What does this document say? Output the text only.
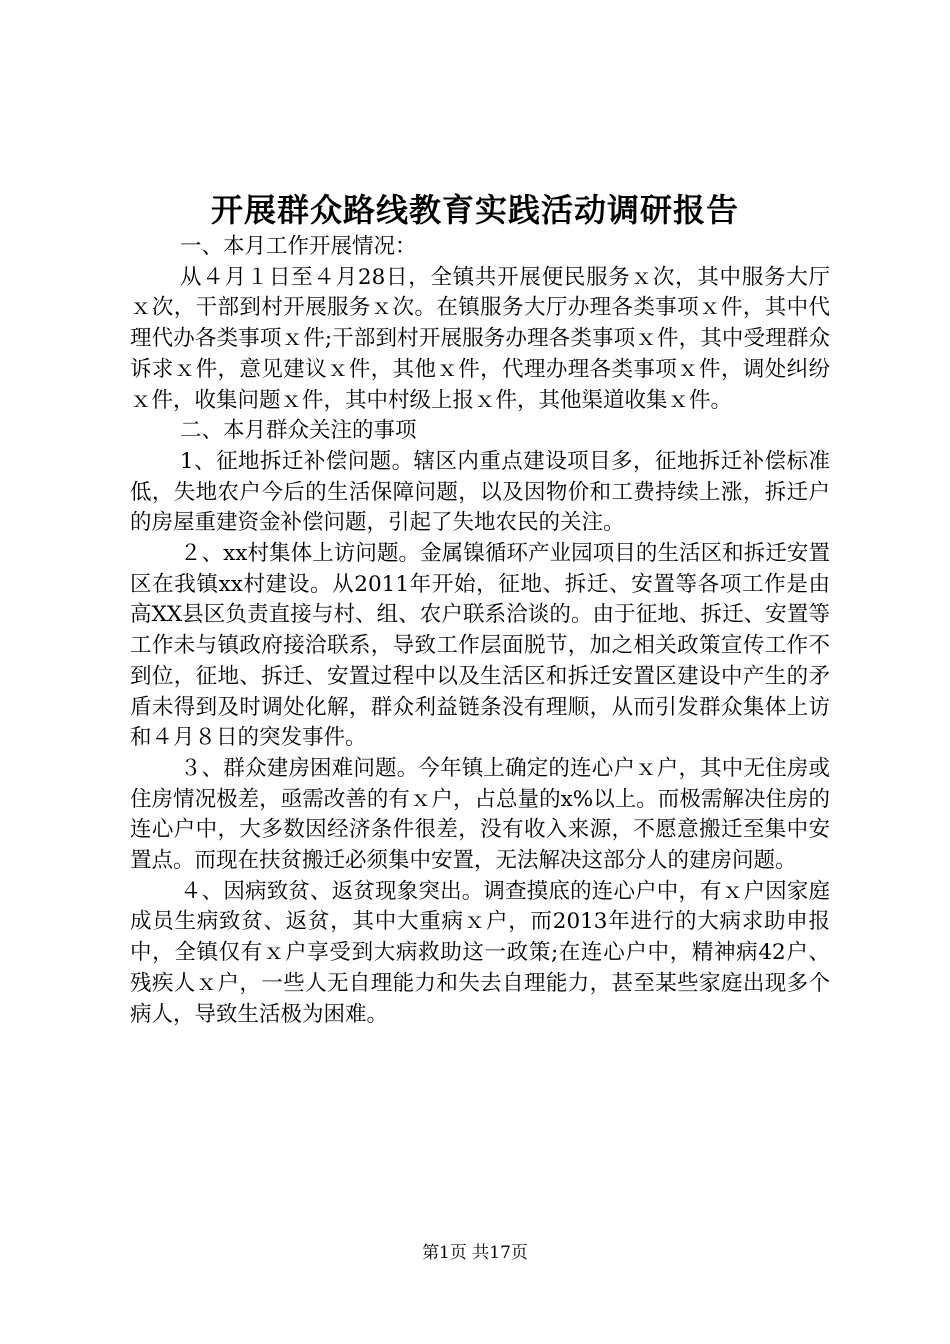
开展群众路线教育实践活动调研报告

一、本月工作开展情况：

从４月１日至４月28日，全镇共开展便民服务ｘ次，其中服务大厅ｘ次，干部到村开展服务ｘ次。在镇服务大厅办理各类事项ｘ件，其中代理代办各类事项ｘ件;干部到村开展服务办理各类事项ｘ件，其中受理群众诉求ｘ件，意见建议ｘ件，其他ｘ件，代理办理各类事项ｘ件，调处纠纷ｘ件，收集问题ｘ件，其中村级上报ｘ件，其他渠道收集ｘ件。

二、本月群众关注的事项

1、征地拆迁补偿问题。辖区内重点建设项目多，征地拆迁补偿标准低，失地农户今后的生活保障问题，以及因物价和工费持续上涨，拆迁户的房屋重建资金补偿问题，引起了失地农民的关注。

２、xx村集体上访问题。金属镍循环产业园项目的生活区和拆迁安置区在我镇xx村建设。从2011年开始，征地、拆迁、安置等各项工作是由高XX县区负责直接与村、组、农户联系洽谈的。由于征地、拆迁、安置等工作未与镇政府接洽联系，导致工作层面脱节，加之相关政策宣传工作不到位，征地、拆迁、安置过程中以及生活区和拆迁安置区建设中产生的矛盾未得到及时调处化解，群众利益链条没有理顺，从而引发群众集体上访和４月８日的突发事件。

３、群众建房困难问题。今年镇上确定的连心户ｘ户，其中无住房或住房情况极差，亟需改善的有ｘ户，占总量的x%以上。而极需解决住房的连心户中，大多数因经济条件很差，没有收入来源，不愿意搬迁至集中安置点。而现在扶贫搬迁必须集中安置，无法解决这部分人的建房问题。

４、因病致贫、返贫现象突出。调查摸底的连心户中，有ｘ户因家庭成员生病致贫、返贫，其中大重病ｘ户，而2013年进行的大病求助申报中，全镇仅有ｘ户享受到大病救助这一政策;在连心户中，精神病42户、残疾人ｘ户，一些人无自理能力和失去自理能力，甚至某些家庭出现多个病人，导致生活极为困难。

第1页 共17页
